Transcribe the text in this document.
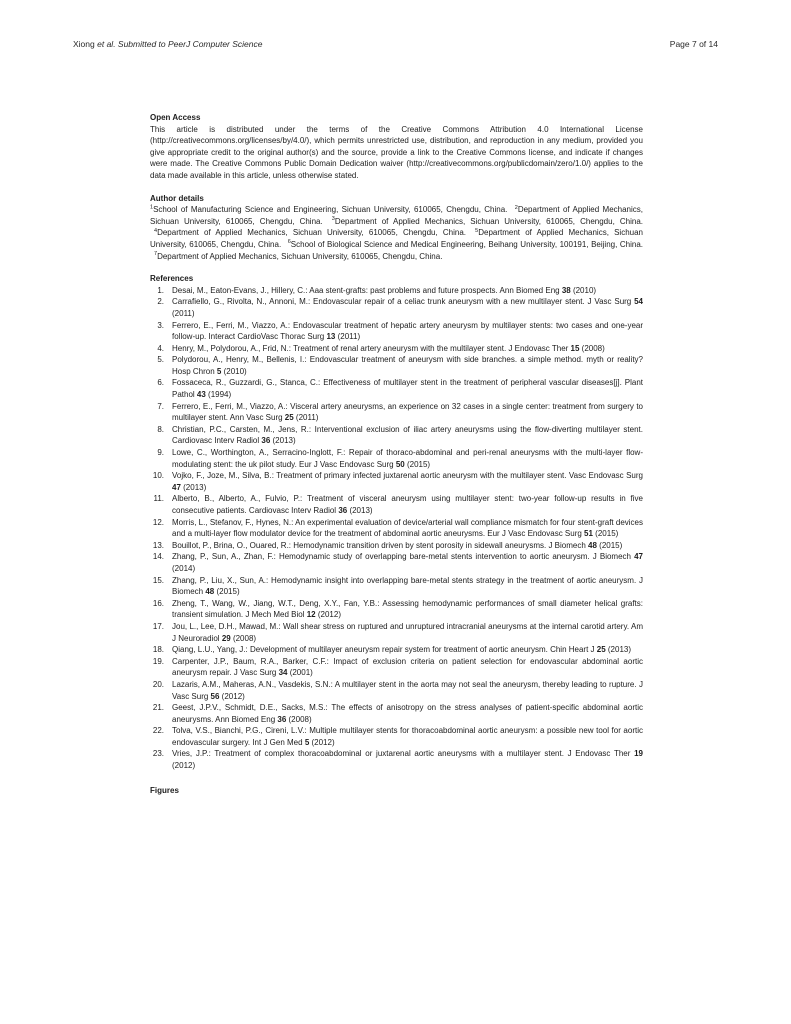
Xiong et al. Submitted to PeerJ Computer Science	Page 7 of 14
Open Access

This article is distributed under the terms of the Creative Commons Attribution 4.0 International License (http://creativecommons.org/licenses/by/4.0/), which permits unrestricted use, distribution, and reproduction in any medium, provided you give appropriate credit to the original author(s) and the source, provide a link to the Creative Commons license, and indicate if changes were made. The Creative Commons Public Domain Dedication waiver (http://creativecommons.org/publicdomain/zero/1.0/) applies to the data made available in this article, unless otherwise stated.

Author details

$^1$School of Manufacturing Science and Engineering, Sichuan University, 610065, Chengdu, China. $^2$Department of Applied Mechanics, Sichuan University, 610065, Chengdu, China. $^3$Department of Applied Mechanics, Sichuan University, 610065, Chengdu, China. $^4$Department of Applied Mechanics, Sichuan University, 610065, Chengdu, China. $^5$Department of Applied Mechanics, Sichuan University, 610065, Chengdu, China. $^6$School of Biological Science and Medical Engineering, Beihang University, 100191, Beijing, China. $^7$Department of Applied Mechanics, Sichuan University, 610065, Chengdu, China.

References
1. Desai, M., Eaton-Evans, J., Hillery, C.: Aaa stent-grafts: past problems and future prospects. Ann Biomed Eng 38 (2010)
2. Carrafiello, G., Rivolta, N., Annoni, M.: Endovascular repair of a celiac trunk aneurysm with a new multilayer stent. J Vasc Surg 54 (2011)
3. Ferrero, E., Ferri, M., Viazzo, A.: Endovascular treatment of hepatic artery aneurysm by multilayer stents: two cases and one-year follow-up. Interact CardioVasc Thorac Surg 13 (2011)
4. Henry, M., Polydorou, A., Frid, N.: Treatment of renal artery aneurysm with the multilayer stent. J Endovasc Ther 15 (2008)
5. Polydorou, A., Henry, M., Bellenis, I.: Endovascular treatment of aneurysm with side branches. a simple method. myth or reality? Hosp Chron 5 (2010)
6. Fossaceca, R., Guzzardi, G., Stanca, C.: Effectiveness of multilayer stent in the treatment of peripheral vascular diseases[j]. Plant Pathol 43 (1994)
7. Ferrero, E., Ferri, M., Viazzo, A.: Visceral artery aneurysms, an experience on 32 cases in a single center: treatment from surgery to multilayer stent. Ann Vasc Surg 25 (2011)
8. Christian, P.C., Carsten, M., Jens, R.: Interventional exclusion of iliac artery aneurysms using the flow-diverting multilayer stent. Cardiovasc Interv Radiol 36 (2013)
9. Lowe, C., Worthington, A., Serracino-Inglott, F.: Repair of thoraco-abdominal and peri-renal aneurysms with the multi-layer flow-modulating stent: the uk pilot study. Eur J Vasc Endovasc Surg 50 (2015)
10. Vojko, F., Joze, M., Silva, B.: Treatment of primary infected juxtarenal aortic aneurysm with the multilayer stent. Vasc Endovasc Surg 47 (2013)
11. Alberto, B., Alberto, A., Fulvio, P.: Treatment of visceral aneurysm using multilayer stent: two-year follow-up results in five consecutive patients. Cardiovasc Interv Radiol 36 (2013)
12. Morris, L., Stefanov, F., Hynes, N.: An experimental evaluation of device/arterial wall compliance mismatch for four stent-graft devices and a multi-layer flow modulator device for the treatment of abdominal aortic aneurysms. Eur J Vasc Endovasc Surg 51 (2015)
13. Bouillot, P., Brina, O., Ouared, R.: Hemodynamic transition driven by stent porosity in sidewall aneurysms. J Biomech 48 (2015)
14. Zhang, P., Sun, A., Zhan, F.: Hemodynamic study of overlapping bare-metal stents intervention to aortic aneurysm. J Biomech 47 (2014)
15. Zhang, P., Liu, X., Sun, A.: Hemodynamic insight into overlapping bare-metal stents strategy in the treatment of aortic aneurysm. J Biomech 48 (2015)
16. Zheng, T., Wang, W., Jiang, W.T., Deng, X.Y., Fan, Y.B.: Assessing hemodynamic performances of small diameter helical grafts: transient simulation. J Mech Med Biol 12 (2012)
17. Jou, L., Lee, D.H., Mawad, M.: Wall shear stress on ruptured and unruptured intracranial aneurysms at the internal carotid artery. Am J Neuroradiol 29 (2008)
18. Qiang, L.U., Yang, J.: Development of multilayer aneurysm repair system for treatment of aortic aneurysm. Chin Heart J 25 (2013)
19. Carpenter, J.P., Baum, R.A., Barker, C.F.: Impact of exclusion criteria on patient selection for endovascular abdominal aortic aneurysm repair. J Vasc Surg 34 (2001)
20. Lazaris, A.M., Maheras, A.N., Vasdekis, S.N.: A multilayer stent in the aorta may not seal the aneurysm, thereby leading to rupture. J Vasc Surg 56 (2012)
21. Geest, J.P.V., Schmidt, D.E., Sacks, M.S.: The effects of anisotropy on the stress analyses of patient-specific abdominal aortic aneurysms. Ann Biomed Eng 36 (2008)
22. Tolva, V.S., Bianchi, P.G., Cireni, L.V.: Multiple multilayer stents for thoracoabdominal aortic aneurysm: a possible new tool for aortic endovascular surgery. Int J Gen Med 5 (2012)
23. Vries, J.P.: Treatment of complex thoracoabdominal or juxtarenal aortic aneurysms with a multilayer stent. J Endovasc Ther 19 (2012)
Figures
